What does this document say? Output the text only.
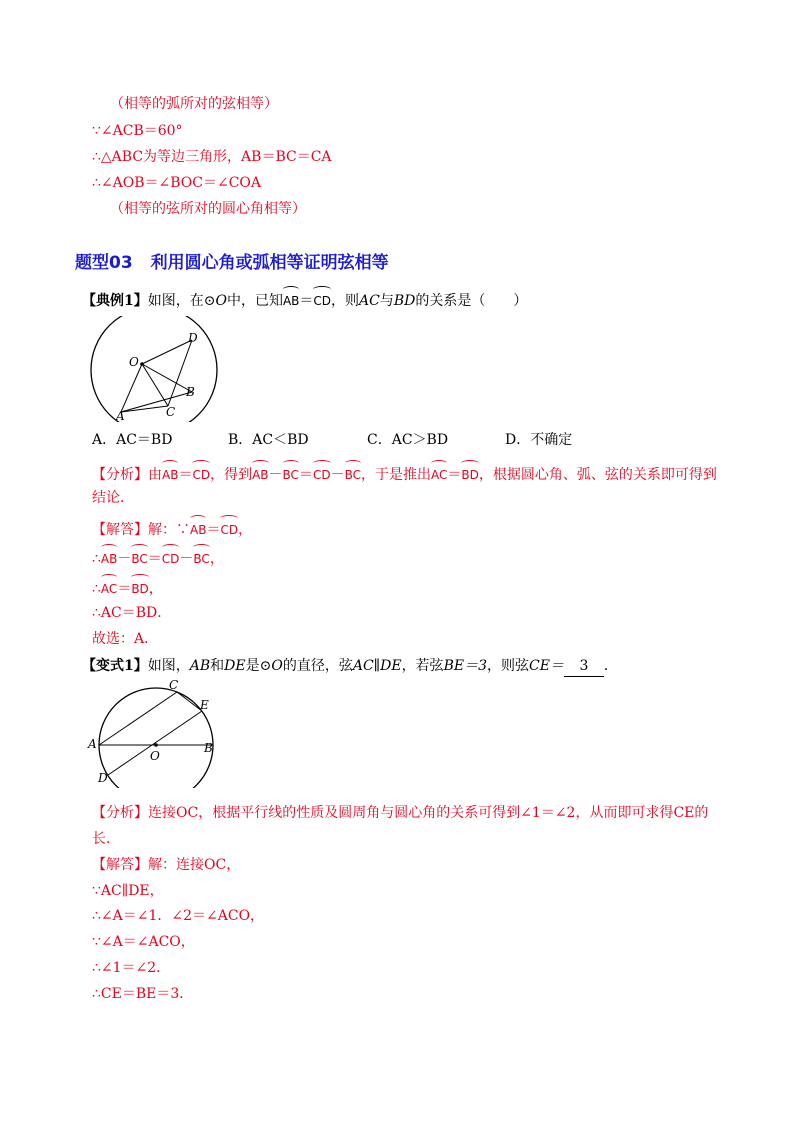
（相等的弧所对的弦相等）
∵∠ACB＝60°
∴△ABC为等边三角形，AB＝BC＝CA
∴∠AOB＝∠BOC＝∠COA
（相等的弦所对的圆心角相等）
题型03 利用圆心角或弧相等证明弦相等
【典例1】如图，在⊙O中，已知AB＝CD，则AC与BD的关系是（　　）
O
D
B
C
A
A．AC＝BD	B．AC＜BD	C．AC＞BD	D．不确定
【分析】由AB＝CD，得到AB－BC＝CD－BC，于是推出AC＝BD，根据圆心角、弧、弦的关系即可得到
结论．
【解答】解：∵AB＝CD，
∴AB－BC＝CD－BC，
∴AC＝BD，
∴AC＝BD．
故选：A．
【变式1】如图，AB和DE是⊙O的直径，弦AC∥DE，若弦BE＝3，则弦CE＝ 3 ．
C
E
A
O
B
D
【分析】连接OC，根据平行线的性质及圆周角与圆心角的关系可得到∠1＝∠2，从而即可求得CE的
长．
【解答】解：连接OC，
∵AC∥DE，
∴∠A＝∠1．∠2＝∠ACO，
∵∠A＝∠ACO，
∴∠1＝∠2．
∴CE＝BE＝3．
